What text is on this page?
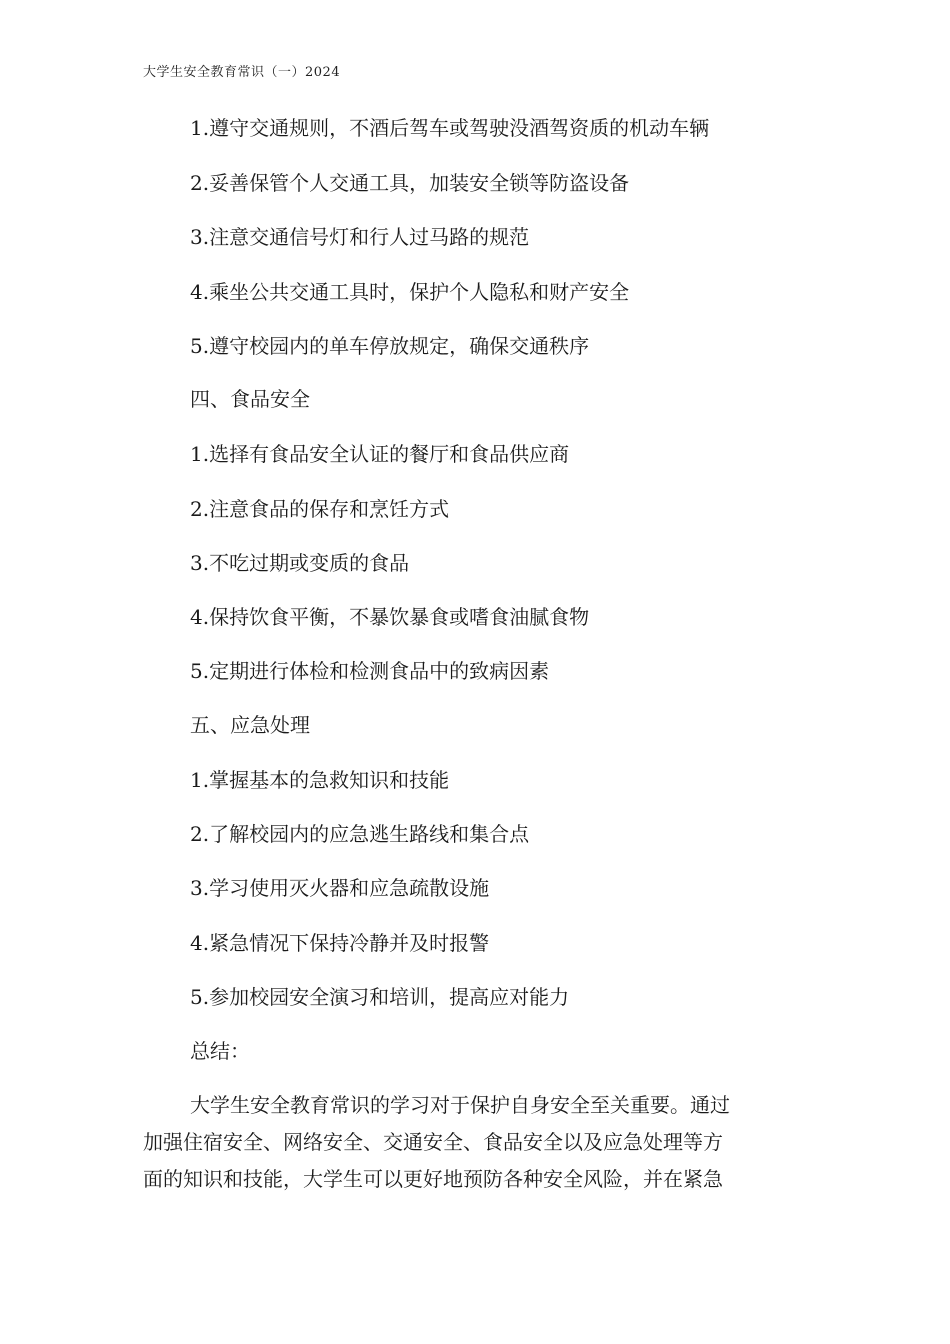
大学生安全教育常识（一）2024
1.遵守交通规则，不酒后驾车或驾驶没酒驾资质的机动车辆
2.妥善保管个人交通工具，加装安全锁等防盗设备
3.注意交通信号灯和行人过马路的规范
4.乘坐公共交通工具时，保护个人隐私和财产安全
5.遵守校园内的单车停放规定，确保交通秩序
四、食品安全
1.选择有食品安全认证的餐厅和食品供应商
2.注意食品的保存和烹饪方式
3.不吃过期或变质的食品
4.保持饮食平衡，不暴饮暴食或嗜食油腻食物
5.定期进行体检和检测食品中的致病因素
五、应急处理
1.掌握基本的急救知识和技能
2.了解校园内的应急逃生路线和集合点
3.学习使用灭火器和应急疏散设施
4.紧急情况下保持冷静并及时报警
5.参加校园安全演习和培训，提高应对能力
总结：
大学生安全教育常识的学习对于保护自身安全至关重要。通过
加强住宿安全、网络安全、交通安全、食品安全以及应急处理等方
面的知识和技能，大学生可以更好地预防各种安全风险，并在紧急
